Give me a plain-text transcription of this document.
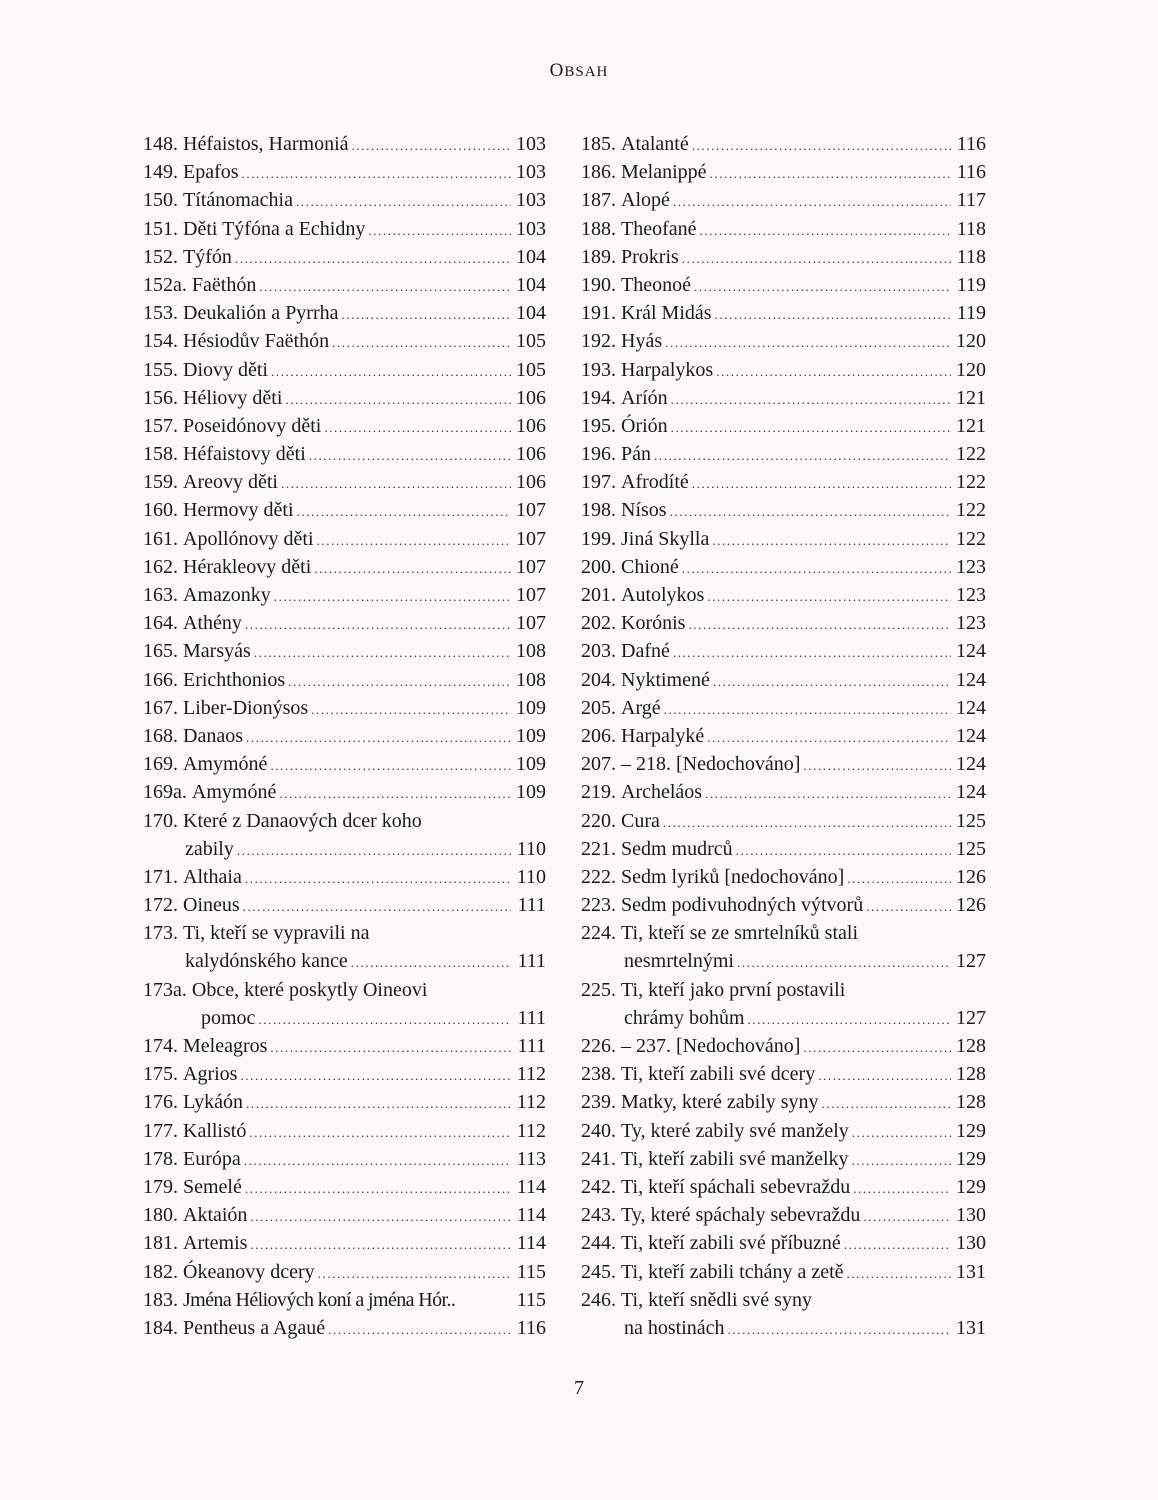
OBSAH
148. Héfaistos, Harmoniá .....	103
149. Epafos .....	103
150. Títánomachia .....	103
151. Děti Týfóna a Echidny .....	103
152. Týfón .....	104
152a. Faëthón .....	104
153. Deukalión a Pyrrha .....	104
154. Hésiodův Faëthón .....	105
155. Diovy děti .....	105
156. Héliovy děti .....	106
157. Poseidónovy děti .....	106
158. Héfaistovy děti .....	106
159. Areovy děti .....	106
160. Hermovy děti .....	107
161. Apollónovy děti .....	107
162. Hérakleovy děti .....	107
163. Amazonky .....	107
164. Athény .....	107
165. Marsyás .....	108
166. Erichthonios .....	108
167. Liber-Dionýsos .....	109
168. Danaos .....	109
169. Amymóné .....	109
169a. Amymóné .....	109
170. Které z Danaových dcer koho
zabily .....	110
171. Althaia .....	110
172. Oineus .....	111
173. Ti, kteří se vypravili na
kalydónského kance .....	111
173a. Obce, které poskytly Oineovi
pomoc .....	111
174. Meleagros .....	111
175. Agrios .....	112
176. Lykáón .....	112
177. Kallistó .....	112
178. Európa .....	113
179. Semelé .....	114
180. Aktaión .....	114
181. Artemis .....	114
182. Ókeanovy dcery .....	115
183. Jména Héliových koní a jména Hór..	115
184. Pentheus a Agaué .....	116
185. Atalanté .....	116
186. Melanippé .....	116
187. Alopé .....	117
188. Theofané .....	118
189. Prokris .....	118
190. Theonoé .....	119
191. Král Midás .....	119
192. Hyás .....	120
193. Harpalykos .....	120
194. Aríón .....	121
195. Órión .....	121
196. Pán .....	122
197. Afrodíté .....	122
198. Nísos .....	122
199. Jiná Skylla .....	122
200. Chioné .....	123
201. Autolykos .....	123
202. Korónis .....	123
203. Dafné .....	124
204. Nyktimené .....	124
205. Argé .....	124
206. Harpalyké .....	124
207. – 218. [Nedochováno] .....	124
219. Archeláos .....	124
220. Cura .....	125
221. Sedm mudrců .....	125
222. Sedm lyriků [nedochováno] .....	126
223. Sedm podivuhodných výtvorů .....	126
224. Ti, kteří se ze smrtelníků stali
nesmrtelnými .....	127
225. Ti, kteří jako první postavili
chrámy bohům .....	127
226. – 237. [Nedochováno] .....	128
238. Ti, kteří zabili své dcery .....	128
239. Matky, které zabily syny .....	128
240. Ty, které zabily své manžely .....	129
241. Ti, kteří zabili své manželky .....	129
242. Ti, kteří spáchali sebevraždu .....	129
243. Ty, které spáchaly sebevraždu .....	130
244. Ti, kteří zabili své příbuzné .....	130
245. Ti, kteří zabili tchány a zetě .....	131
246. Ti, kteří snědli své syny
na hostinách .....	131
7
